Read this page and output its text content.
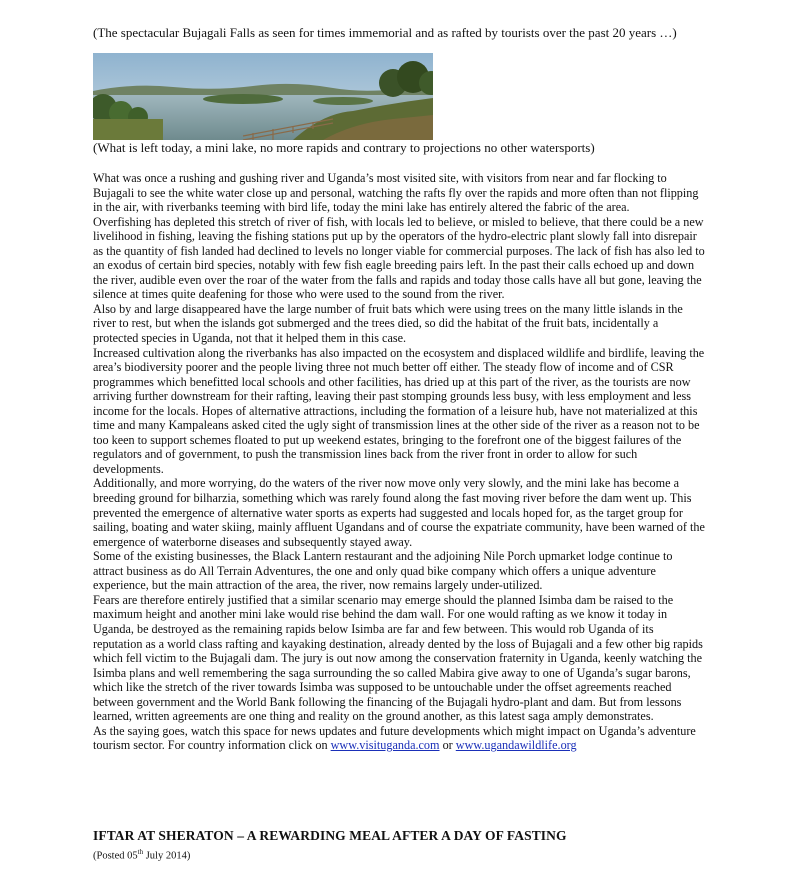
(The spectacular Bujagali Falls as seen for times immemorial and as rafted by tourists over the past 20 years …)
(What is left today, a mini lake, no more rapids and contrary to projections no other watersports)

What was once a rushing and gushing river and Uganda’s most visited site, with visitors from near and far flocking to Bujagali to see the white water close up and personal, watching the rafts fly over the rapids and more often than not flipping in the air, with riverbanks teeming with bird life, today the mini lake has entirely altered the fabric of the area.

Overfishing has depleted this stretch of river of fish, with locals led to believe, or misled to believe, that there could be a new livelihood in fishing, leaving the fishing stations put up by the operators of the hydro-electric plant slowly fall into disrepair as the quantity of fish landed had declined to levels no longer viable for commercial purposes. The lack of fish has also led to an exodus of certain bird species, notably with few fish eagle breeding pairs left. In the past their calls echoed up and down the river, audible even over the roar of the water from the falls and rapids and today those calls have all but gone, leaving the silence at times quite deafening for those who were used to the sound from the river.

Also by and large disappeared have the large number of fruit bats which were using trees on the many little islands in the river to rest, but when the islands got submerged and the trees died, so did the habitat of the fruit bats, incidentally a protected species in Uganda, not that it helped them in this case.

Increased cultivation along the riverbanks has also impacted on the ecosystem and displaced wildlife and birdlife, leaving the area’s biodiversity poorer and the people living three not much better off either. The steady flow of income and of CSR programmes which benefitted local schools and other facilities, has dried up at this part of the river, as the tourists are now arriving further downstream for their rafting, leaving their past stomping grounds less busy, with less employment and less income for the locals. Hopes of alternative attractions, including the formation of a leisure hub, have not materialized at this time and many Kampaleans asked cited the ugly sight of transmission lines at the other side of the river as a reason not to be too keen to support schemes floated to put up weekend estates, bringing to the forefront one of the biggest failures of the regulators and of government, to push the transmission lines back from the river front in order to allow for such developments.

Additionally, and more worrying, do the waters of the river now move only very slowly, and the mini lake has become a breeding ground for bilharzia, something which was rarely found along the fast moving river before the dam went up. This prevented the emergence of alternative water sports as experts had suggested and locals hoped for, as the target group for sailing, boating and water skiing, mainly affluent Ugandans and of course the expatriate community, have been warned of the emergence of waterborne diseases and subsequently stayed away.

Some of the existing businesses, the Black Lantern restaurant and the adjoining Nile Porch upmarket lodge continue to attract business as do All Terrain Adventures, the one and only quad bike company which offers a unique adventure experience, but the main attraction of the area, the river, now remains largely under-utilized.

Fears are therefore entirely justified that a similar scenario may emerge should the planned Isimba dam be raised to the maximum height and another mini lake would rise behind the dam wall. For one would rafting as we know it today in Uganda, be destroyed as the remaining rapids below Isimba are far and few between. This would rob Uganda of its reputation as a world class rafting and kayaking destination, already dented by the loss of Bujagali and a few other big rapids which fell victim to the Bujagali dam. The jury is out now among the conservation fraternity in Uganda, keenly watching the Isimba plans and well remembering the saga surrounding the so called Mabira give away to one of Uganda’s sugar barons, which like the stretch of the river towards Isimba was supposed to be untouchable under the offset agreements reached between government and the World Bank following the financing of the Bujagali hydro-plant and dam. But from lessons learned, written agreements are one thing and reality on the ground another, as this latest saga amply demonstrates.

As the saying goes, watch this space for news updates and future developments which might impact on Uganda’s adventure tourism sector. For country information click on www.visituganda.com or www.ugandawildlife.org

IFTAR AT SHERATON – A REWARDING MEAL AFTER A DAY OF FASTING
(Posted 05th July 2014)
